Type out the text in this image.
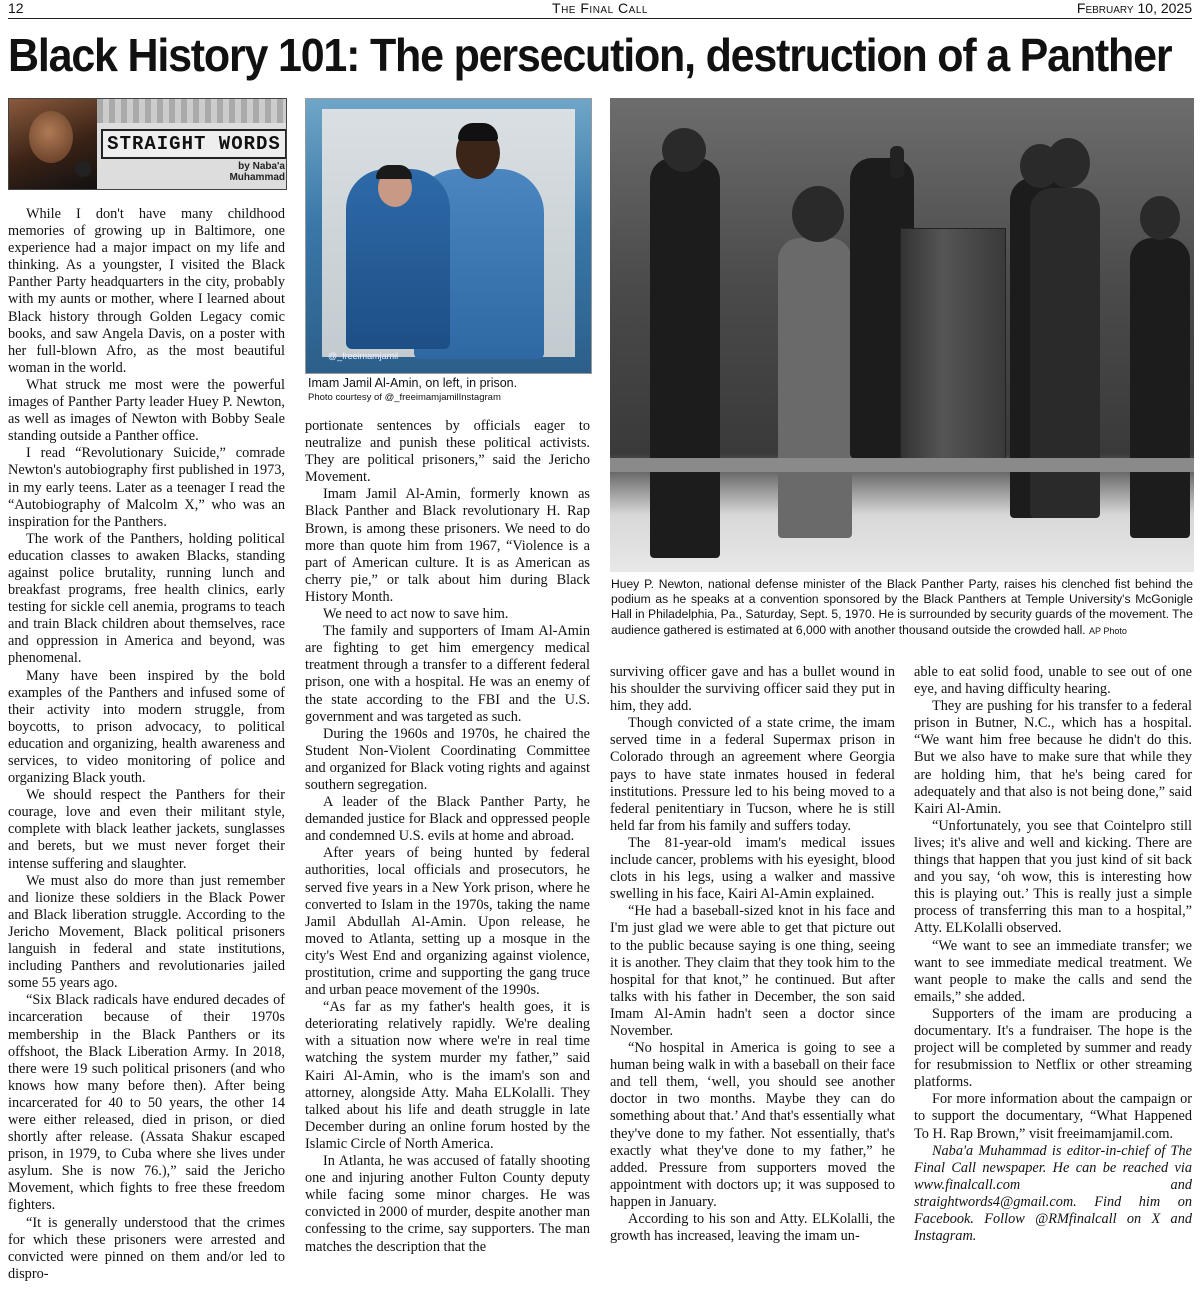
12	The Final Call	February 10, 2025
Black History 101: The persecution, destruction of a Panther
STRAIGHT WORDS
by Naba'a
Muhammad
@_freeimamjamil
Imam Jamil Al-Amin, on left, in prison.
Photo courtesy of @_freeimamjamilInstagram
Huey P. Newton, national defense minister of the Black Panther Party, raises his clenched fist behind the podium as he speaks at a convention sponsored by the Black Panthers at Temple University's McGonigle Hall in Philadelphia, Pa., Saturday, Sept. 5, 1970. He is surrounded by security guards of the movement. The audience gathered is estimated at 6,000 with another thousand outside the crowded hall. AP Photo

While I don't have many childhood memories of growing up in Baltimore, one experience had a major impact on my life and thinking. As a youngster, I visited the Black Panther Party headquarters in the city, probably with my aunts or mother, where I learned about Black history through Golden Legacy comic books, and saw Angela Davis, on a poster with her full-blown Afro, as the most beautiful woman in the world.

What struck me most were the powerful images of Panther Party leader Huey P. Newton, as well as images of Newton with Bobby Seale standing outside a Panther office.

I read “Revolutionary Suicide,” comrade Newton's autobiography first published in 1973, in my early teens. Later as a teenager I read the “Autobiography of Malcolm X,” who was an inspiration for the Panthers.

The work of the Panthers, holding political education classes to awaken Blacks, standing against police brutality, running lunch and breakfast programs, free health clinics, early testing for sickle cell anemia, programs to teach and train Black children about themselves, race and oppression in America and beyond, was phenomenal.

Many have been inspired by the bold examples of the Panthers and infused some of their activity into modern struggle, from boycotts, to prison advocacy, to political education and organizing, health awareness and services, to video monitoring of police and organizing Black youth.

We should respect the Panthers for their courage, love and even their militant style, complete with black leather jackets, sunglasses and berets, but we must never forget their intense suffering and slaughter.

We must also do more than just remember and lionize these soldiers in the Black Power and Black liberation struggle. According to the Jericho Movement, Black political prisoners languish in federal and state institutions, including Panthers and revolutionaries jailed some 55 years ago.

“Six Black radicals have endured decades of incarceration because of their 1970s membership in the Black Panthers or its offshoot, the Black Liberation Army. In 2018, there were 19 such political prisoners (and who knows how many before then). After being incarcerated for 40 to 50 years, the other 14 were either released, died in prison, or died shortly after release. (Assata Shakur escaped prison, in 1979, to Cuba where she lives under asylum. She is now 76.),” said the Jericho Movement, which fights to free these freedom fighters.

“It is generally understood that the crimes for which these prisoners were arrested and convicted were pinned on them and/or led to dispro-

portionate sentences by officials eager to neutralize and punish these political activists. They are political prisoners,” said the Jericho Movement.

Imam Jamil Al-Amin, formerly known as Black Panther and Black revolutionary H. Rap Brown, is among these prisoners. We need to do more than quote him from 1967, “Violence is a part of American culture. It is as American as cherry pie,” or talk about him during Black History Month.

We need to act now to save him.

The family and supporters of Imam Al-Amin are fighting to get him emergency medical treatment through a transfer to a different federal prison, one with a hospital. He was an enemy of the state according to the FBI and the U.S. government and was targeted as such.

During the 1960s and 1970s, he chaired the Student Non-Violent Coordinating Committee and organized for Black voting rights and against southern segregation.

A leader of the Black Panther Party, he demanded justice for Black and oppressed people and condemned U.S. evils at home and abroad.

After years of being hunted by federal authorities, local officials and prosecutors, he served five years in a New York prison, where he converted to Islam in the 1970s, taking the name Jamil Abdullah Al-Amin. Upon release, he moved to Atlanta, setting up a mosque in the city's West End and organizing against violence, prostitution, crime and supporting the gang truce and urban peace movement of the 1990s.

“As far as my father's health goes, it is deteriorating relatively rapidly. We're dealing with a situation now where we're in real time watching the system murder my father,” said Kairi Al-Amin, who is the imam's son and attorney, alongside Atty. Maha ELKolalli. They talked about his life and death struggle in late December during an online forum hosted by the Islamic Circle of North America.

In Atlanta, he was accused of fatally shooting one and injuring another Fulton County deputy while facing some minor charges. He was convicted in 2000 of murder, despite another man confessing to the crime, say supporters. The man matches the description that the

surviving officer gave and has a bullet wound in his shoulder the surviving officer said they put in him, they add.

Though convicted of a state crime, the imam served time in a federal Supermax prison in Colorado through an agreement where Georgia pays to have state inmates housed in federal institutions. Pressure led to his being moved to a federal penitentiary in Tucson, where he is still held far from his family and suffers today.

The 81-year-old imam's medical issues include cancer, problems with his eyesight, blood clots in his legs, using a walker and massive swelling in his face, Kairi Al-Amin explained.

“He had a baseball-sized knot in his face and I'm just glad we were able to get that picture out to the public because saying is one thing, seeing it is another. They claim that they took him to the hospital for that knot,” he continued. But after talks with his father in December, the son said Imam Al-Amin hadn't seen a doctor since November.

“No hospital in America is going to see a human being walk in with a baseball on their face and tell them, ‘well, you should see another doctor in two months. Maybe they can do something about that.’ And that's essentially what they've done to my father. Not essentially, that's exactly what they've done to my father,” he added. Pressure from supporters moved the appointment with doctors up; it was supposed to happen in January.

According to his son and Atty. ELKolalli, the growth has increased, leaving the imam un-

able to eat solid food, unable to see out of one eye, and having difficulty hearing.

They are pushing for his transfer to a federal prison in Butner, N.C., which has a hospital. “We want him free because he didn't do this. But we also have to make sure that while they are holding him, that he's being cared for adequately and that also is not being done,” said Kairi Al-Amin.

“Unfortunately, you see that Cointelpro still lives; it's alive and well and kicking. There are things that happen that you just kind of sit back and you say, ‘oh wow, this is interesting how this is playing out.’ This is really just a simple process of transferring this man to a hospital,” Atty. ELKolalli observed.

“We want to see an immediate transfer; we want to see immediate medical treatment. We want people to make the calls and send the emails,” she added.

Supporters of the imam are producing a documentary. It's a fundraiser. The hope is the project will be completed by summer and ready for resubmission to Netflix or other streaming platforms.

For more information about the campaign or to support the documentary, “What Happened To H. Rap Brown,” visit freeimamjamil.com.

Naba'a Muhammad is editor-in-chief of The Final Call newspaper. He can be reached via www.finalcall.com and straightwords4@gmail.com. Find him on Facebook. Follow @RMfinalcall on X and Instagram.
